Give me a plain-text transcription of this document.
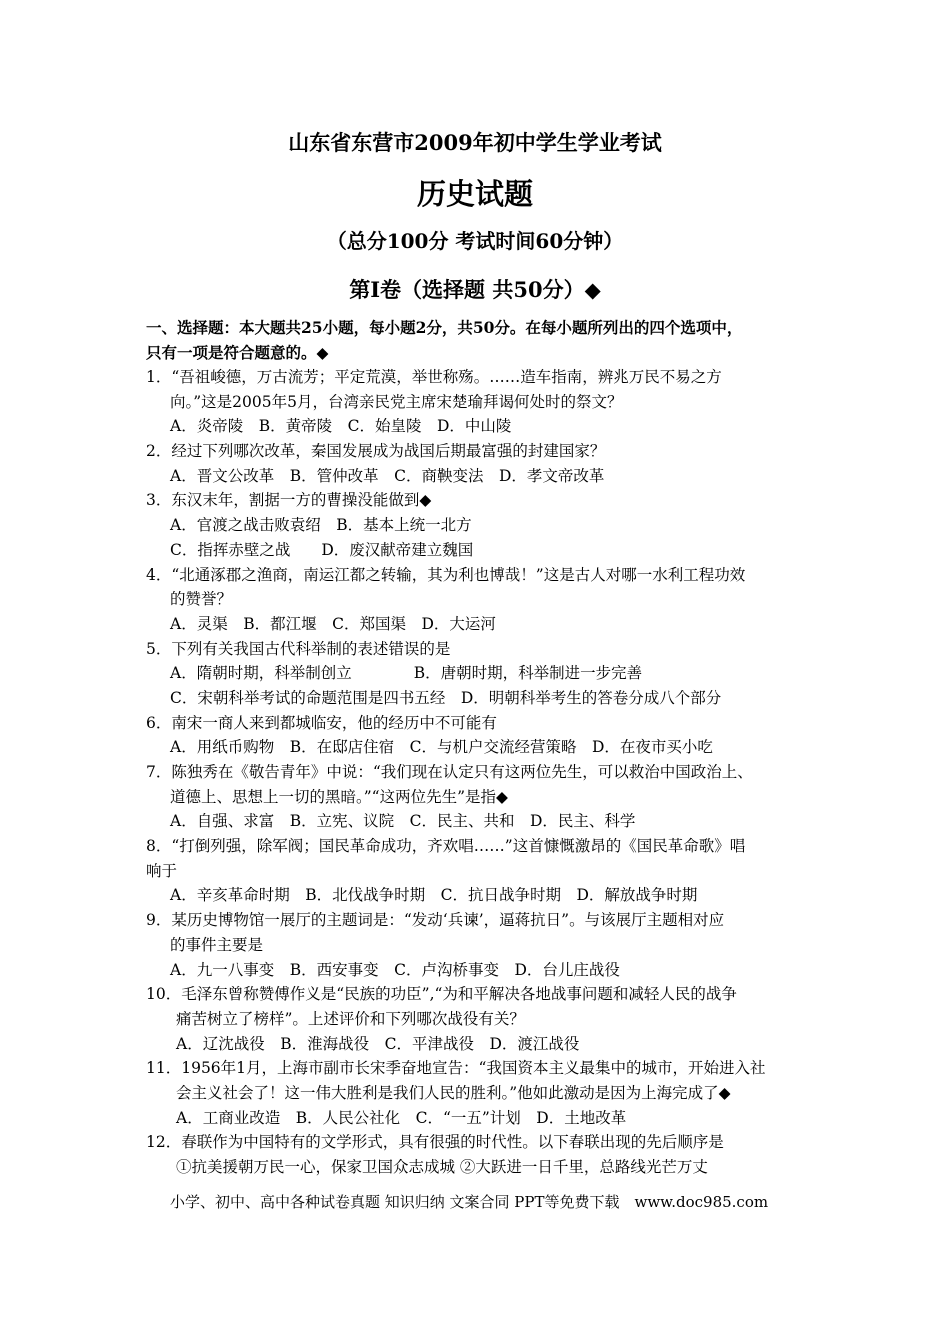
山东省东营市2009年初中学生学业考试
历史试题
（总分100分 考试时间60分钟）
第Ⅰ卷（选择题 共50分）◆
一、选择题：本大题共25小题，每小题2分，共50分。在每小题所列出的四个选项中，
只有一项是符合题意的。◆
1．“吾祖峻德，万古流芳；平定荒漠，举世称殇。……造车指南，辨兆万民不易之方
向。”这是2005年5月，台湾亲民党主席宋楚瑜拜谒何处时的祭文？
A．炎帝陵　B．黄帝陵　C．始皇陵　D．中山陵
2．经过下列哪次改革，秦国发展成为战国后期最富强的封建国家？
A．晋文公改革　B．管仲改革　C．商鞅变法　D．孝文帝改革
3．东汉末年，割据一方的曹操没能做到◆
A．官渡之战击败袁绍　B．基本上统一北方
C．指挥赤壁之战　　D．废汉献帝建立魏国
4．“北通涿郡之渔商，南运江都之转输，其为利也博哉！”这是古人对哪一水利工程功效
的赞誉？
A．灵渠　B．都江堰　C．郑国渠　D．大运河
5．下列有关我国古代科举制的表述错误的是
A．隋朝时期，科举制创立　　　　B．唐朝时期，科举制进一步完善
C．宋朝科举考试的命题范围是四书五经　D．明朝科举考生的答卷分成八个部分
6．南宋一商人来到都城临安，他的经历中不可能有
A．用纸币购物　B．在邸店住宿　C．与机户交流经营策略　D．在夜市买小吃
7．陈独秀在《敬告青年》中说：“我们现在认定只有这两位先生，可以救治中国政治上、
道德上、思想上一切的黑暗。”“这两位先生”是指◆
A．自强、求富　B．立宪、议院　C．民主、共和　D．民主、科学
8．“打倒列强，除军阀；国民革命成功，齐欢唱……”这首慷慨激昂的《国民革命歌》唱
响于
A．辛亥革命时期　B．北伐战争时期　C．抗日战争时期　D．解放战争时期
9．某历史博物馆一展厅的主题词是：“发动‘兵谏’，逼蒋抗日”。与该展厅主题相对应
的事件主要是
A．九一八事变　B．西安事变　C．卢沟桥事变　D．台儿庄战役
10．毛泽东曾称赞傅作义是“民族的功臣”,“为和平解决各地战事问题和减轻人民的战争
痛苦树立了榜样”。上述评价和下列哪次战役有关？
A．辽沈战役　B．淮海战役　C．平津战役　D．渡江战役
11．1956年1月，上海市副市长宋季奋地宣告：“我国资本主义最集中的城市，开始进入社
会主义社会了！这一伟大胜利是我们人民的胜利。”他如此激动是因为上海完成了◆
A．工商业改造　B．人民公社化　C．“一五”计划　D．土地改革
12．春联作为中国特有的文学形式，具有很强的时代性。以下春联出现的先后顺序是
①抗美援朝万民一心，保家卫国众志成城 ②大跃进一日千里，总路线光芒万丈
小学、初中、高中各种试卷真题 知识归纳 文案合同 PPT等免费下载　www.doc985.com
